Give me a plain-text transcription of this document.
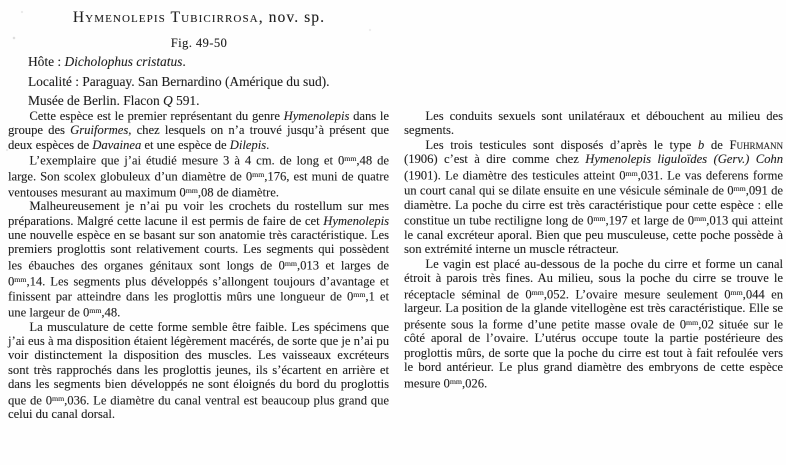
Hymenolepis Tubicirrosa, nov. sp.
Fig. 49-50
Hôte : Dicholophus cristatus.
Localité : Paraguay. San Bernardino (Amérique du sud).
Musée de Berlin. Flacon Q 591.

Cette espèce est le premier représentant du genre Hymenolepis dans le groupe des Gruiformes, chez lesquels on n’a trouvé jusqu’à présent que deux espèces de Davainea et une espèce de Dilepis.

L’exemplaire que j’ai étudié mesure 3 à 4 cm. de long et $0^{mm},48$ de large. Son scolex globuleux d’un diamètre de $0^{mm},176$, est muni de quatre ventouses mesurant au maximum $0^{mm},08$ de diamètre.

Malheureusement je n’ai pu voir les crochets du rostellum sur mes préparations. Malgré cette lacune il est permis de faire de cet Hymenolepis une nouvelle espèce en se basant sur son anatomie très caractéristique. Les premiers proglottis sont relativement courts. Les segments qui possèdent les ébauches des organes génitaux sont longs de $0^{mm},013$ et larges de $0^{mm},14$. Les segments plus développés s’allongent toujours d’avantage et finissent par atteindre dans les proglottis mûrs une longueur de $0^{mm},1$ et une largeur de $0^{mm},48$.

La musculature de cette forme semble être faible. Les spécimens que j’ai eus à ma disposition étaient légèrement macérés, de sorte que je n’ai pu voir distinctement la disposition des muscles. Les vaisseaux excréteurs sont très rapprochés dans les proglottis jeunes, ils s’écartent en arrière et dans les segments bien développés ne sont éloignés du bord du proglottis que de $0^{mm},036$. Le diamètre du canal ventral est beaucoup plus grand que celui du canal dorsal.

Les conduits sexuels sont unilatéraux et débouchent au milieu des segments.

Les trois testicules sont disposés d’après le type b de Fuhrmann (1906) c’est à dire comme chez Hymenolepis liguloïdes (Gerv.) Cohn (1901). Le diamètre des testicules atteint $0^{mm},031$. Le vas deferens forme un court canal qui se dilate ensuite en une vésicule séminale de $0^{mm},091$ de diamètre. La poche du cirre est très caractéristique pour cette espèce : elle constitue un tube rectiligne long de $0^{mm},197$ et large de $0^{mm},013$ qui atteint le canal excréteur aporal. Bien que peu musculeuse, cette poche possède à son extrémité interne un muscle rétracteur.

Le vagin est placé au-dessous de la poche du cirre et forme un canal étroit à parois très fines. Au milieu, sous la poche du cirre se trouve le réceptacle séminal de $0^{mm},052$. L’ovaire mesure seulement $0^{mm},044$ en largeur. La position de la glande vitellogène est très caractéristique. Elle se présente sous la forme d’une petite masse ovale de $0^{mm},02$ située sur le côté aporal de l’ovaire. L’utérus occupe toute la partie postérieure des proglottis mûrs, de sorte que la poche du cirre est tout à fait refoulée vers le bord antérieur. Le plus grand diamètre des embryons de cette espèce mesure $0^{mm},026$.
